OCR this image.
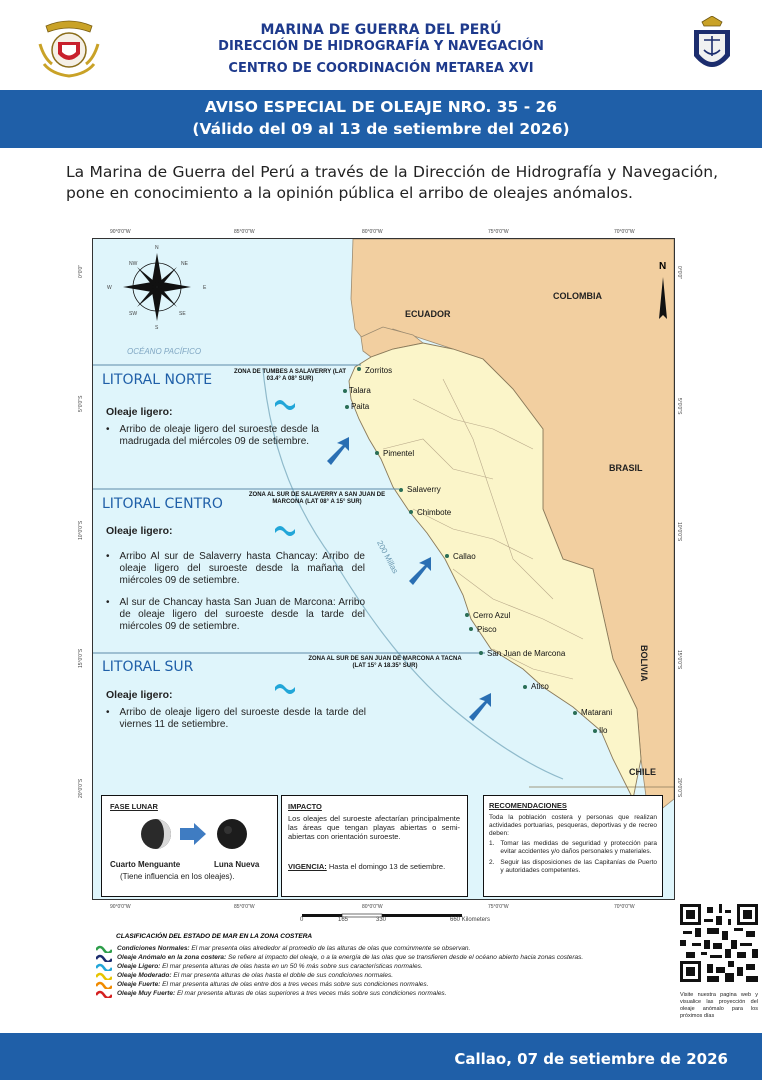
MARINA DE GUERRA DEL PERÚ
DIRECCIÓN DE HIDROGRAFÍA Y NAVEGACIÓN
CENTRO DE COORDINACIÓN METAREA XVI
AVISO ESPECIAL DE OLEAJE NRO. 35 - 26
(Válido del 09 al 13 de setiembre del 2026)
La Marina de Guerra del Perú a través de la Dirección de Hidrografía y Navegación, pone en conocimiento a la opinión pública el arribo de oleajes anómalos.
90°0'0"W	85°0'0"W	80°0'0"W	75°0'0"W	70°0'0"W
90°0'0"W	85°0'0"W	80°0'0"W	75°0'0"W	70°0'0"W
0°0'0"
5°0'0"S
10°0'0"S
15°0'0"S
20°0'0"S
0°0'0"
5°0'0"S
10°0'0"S
15°0'0"S
20°0'0"S
N
NE
E
SE
S
SW
W
NW	N
OCÉANO PACÍFICO
200 Millas
ECUADOR
COLOMBIA
BRASIL
BOLIVIA
CHILE
Zorritos
Talara
Paita
Pimentel
Salaverry
Chimbote
Callao
Cerro Azul
Pisco
San Juan de Marcona
Atico
Matarani
Ilo
LITORAL NORTE	ZONA DE TUMBES A SALAVERRY (LAT 03.4° A 08° SUR)
Oleaje ligero:
• Arribo de oleaje ligero del suroeste desde la madrugada del miércoles 09 de setiembre.
LITORAL CENTRO
ZONA AL SUR DE SALAVERRY A SAN JUAN DE MARCONA (LAT 08° A 15° SUR)
Oleaje ligero:
• Arribo Al sur de Salaverry hasta Chancay: Arribo de oleaje ligero del suroeste desde la mañana del miércoles 09 de setiembre.
• Al sur de Chancay hasta San Juan de Marcona: Arribo de oleaje ligero del suroeste desde la tarde del miércoles 09 de setiembre.
LITORAL SUR	ZONA AL SUR DE SAN JUAN DE MARCONA A TACNA (LAT 15° A 18.35° SUR)
Oleaje ligero:
• Arribo de oleaje ligero del suroeste desde la tarde del viernes 11 de setiembre.
FASE LUNAR
Cuarto Menguante	Luna Nueva
(Tiene influencia en los oleajes).
IMPACTO
Los oleajes del suroeste afectarían principalmente las áreas que tengan playas abiertas o semi-abiertas con orientación suroeste.
VIGENCIA: Hasta el domingo 13 de setiembre.
RECOMENDACIONES
Toda la población costera y personas que realizan actividades portuarias, pesqueras, deportivas y de recreo deben:
1. Tomar las medidas de seguridad y protección para evitar accidentes y/o daños personales y materiales.
2. Seguir las disposiciones de las Capitanías de Puerto y autoridades competentes.
0	165	330	660 Kilometers
CLASIFICACIÓN DEL ESTADO DE MAR EN LA ZONA COSTERA
Condiciones Normales: El mar presenta olas alrededor al promedio de las alturas de olas que comúnmente se observan.
Oleaje Anómalo en la zona costera: Se refiere al impacto del oleaje, o a la energía de las olas que se transfieren desde el océano abierto hacia zonas costeras.
Oleaje Ligero: El mar presenta alturas de olas hasta en un 50 % más sobre sus características normales.
Oleaje Moderado: El mar presenta alturas de olas hasta el doble de sus condiciones normales.
Oleaje Fuerte: El mar presenta alturas de olas entre dos a tres veces más sobre sus condiciones normales.
Oleaje Muy Fuerte: El mar presenta alturas de olas superiores a tres veces más sobre sus condiciones normales.	Visite nuestra pagina web y visualice las proyección del oleaje anómalo para los próximos días
Callao, 07 de setiembre de 2026
